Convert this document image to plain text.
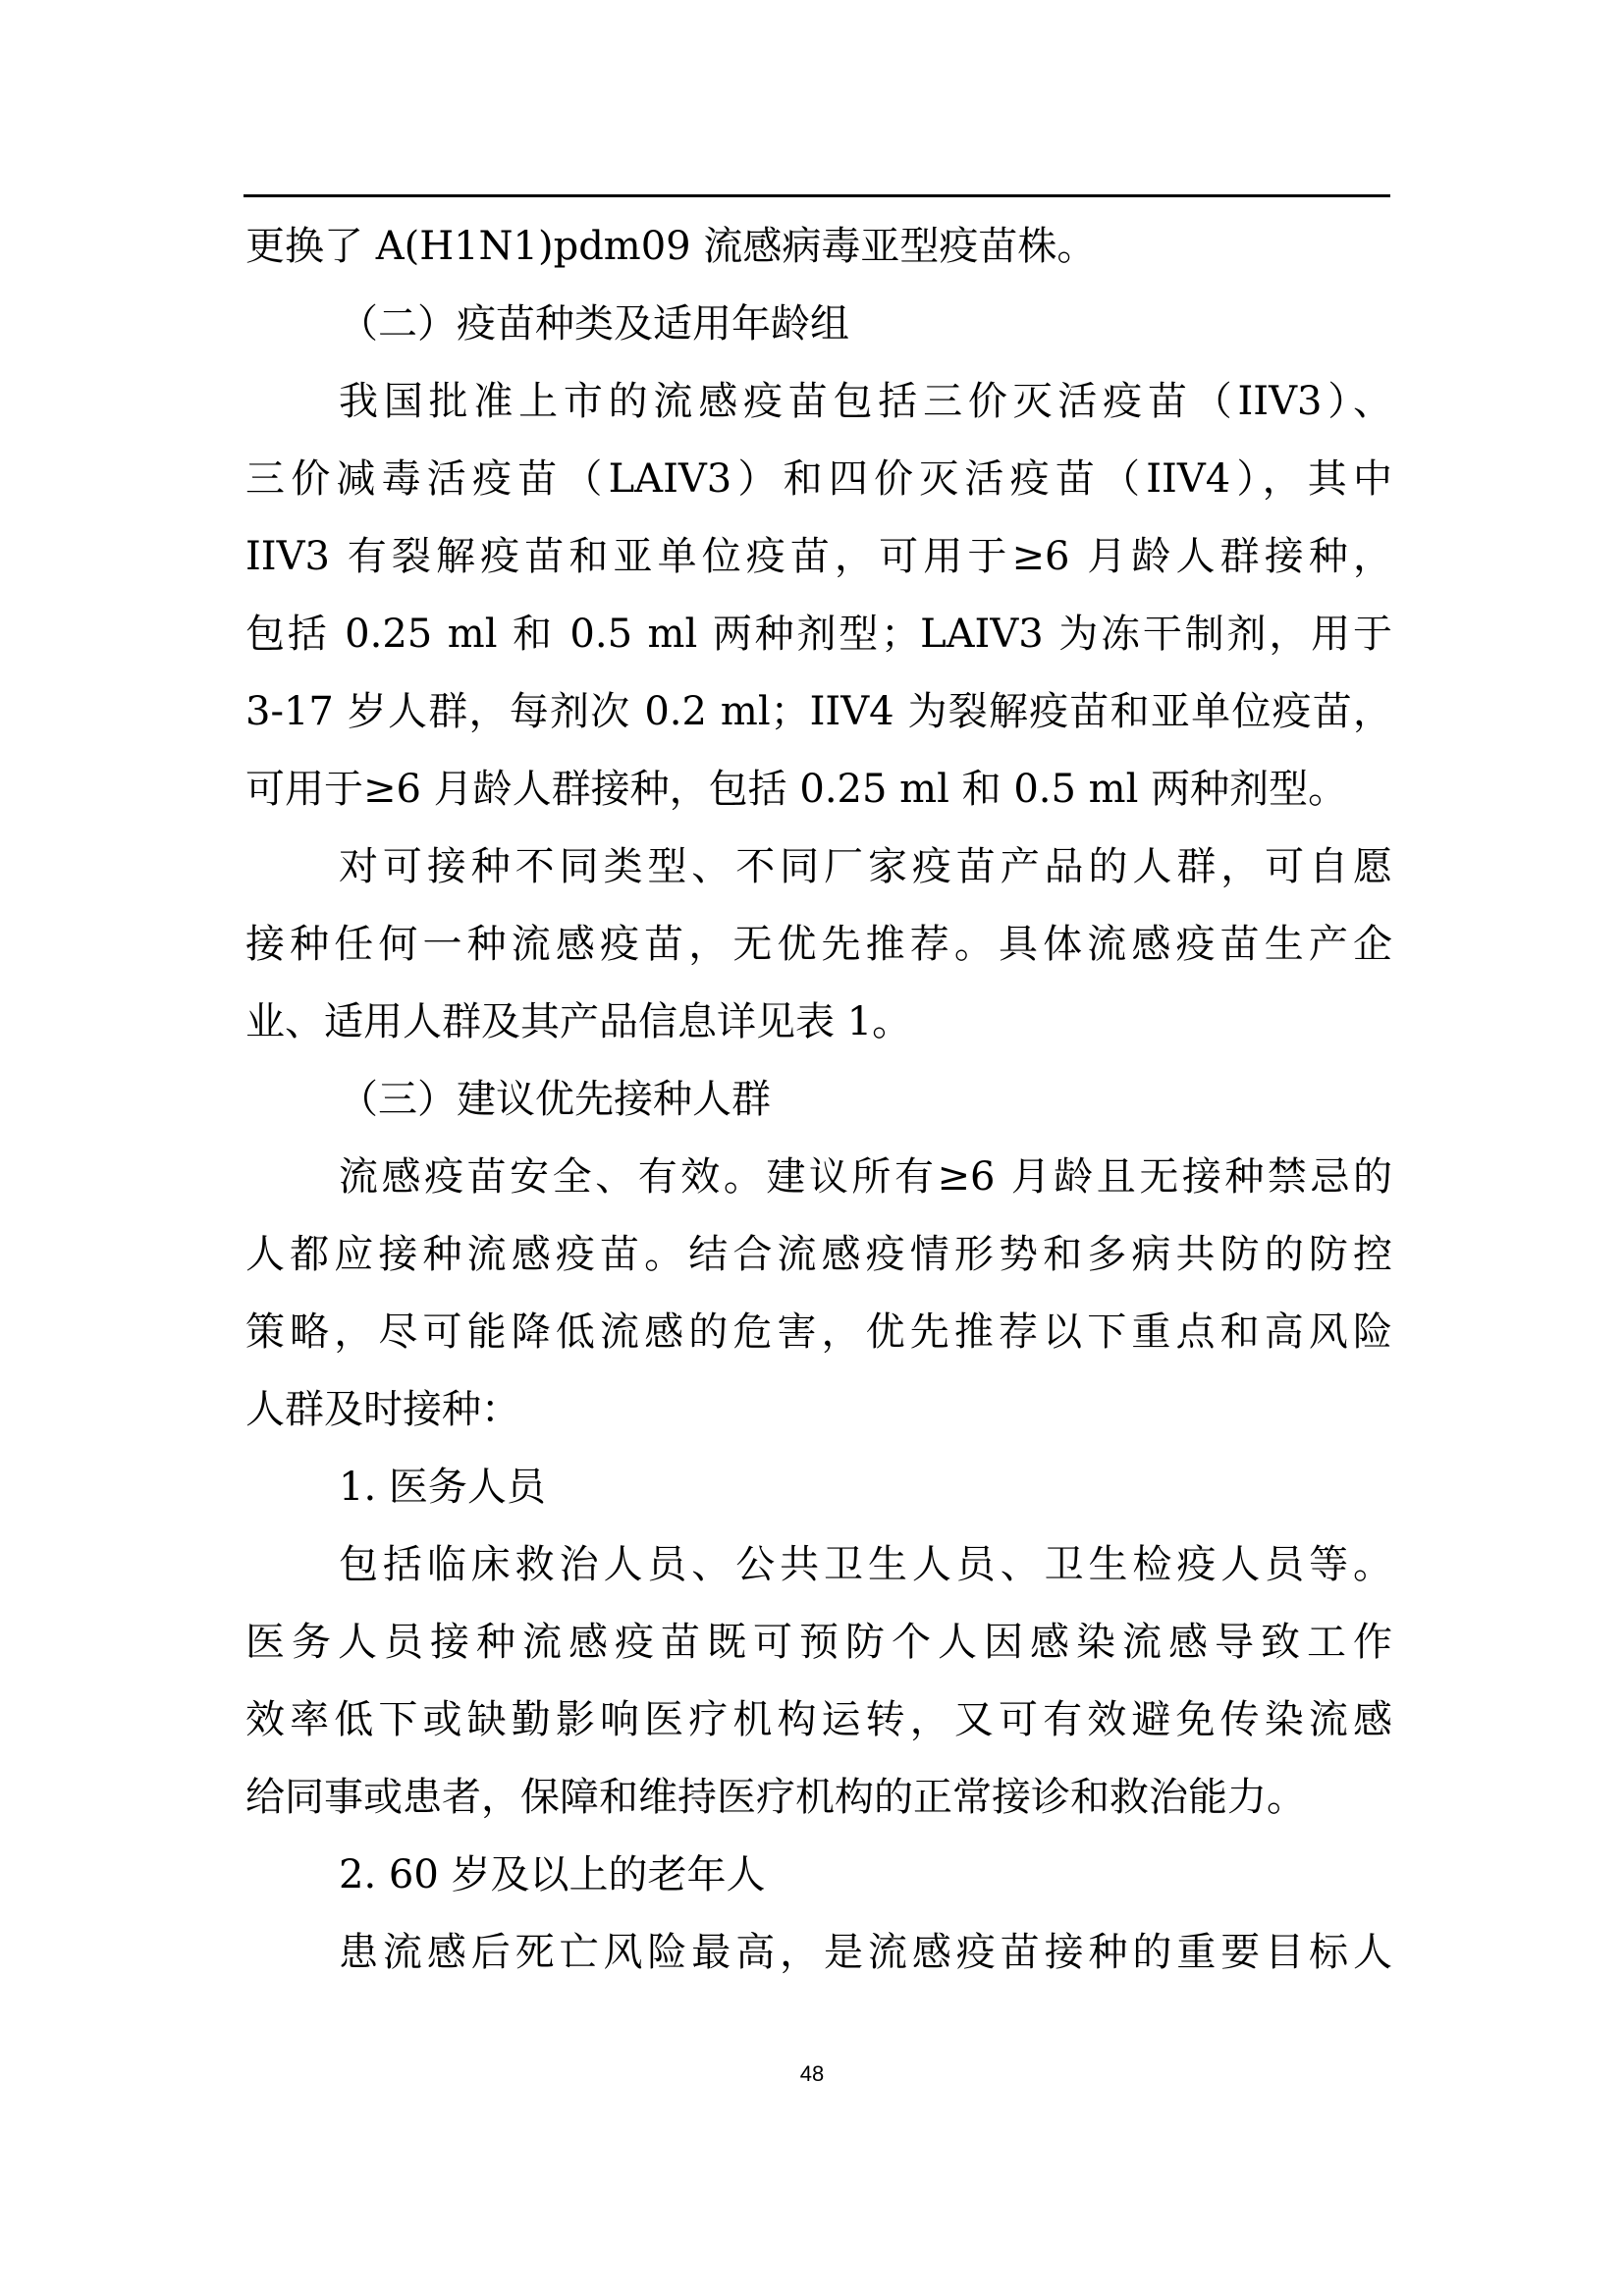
更换了 A(H1N1)pdm09 流感病毒亚型疫苗株。
（二）疫苗种类及适用年龄组
我国批准上市的流感疫苗包括三价灭活疫苗（IIV3）、
三价减毒活疫苗（LAIV3）和四价灭活疫苗（IIV4），其中
IIV3 有裂解疫苗和亚单位疫苗，可用于≥6 月龄人群接种，
包括 0.25 ml 和 0.5 ml 两种剂型；LAIV3 为冻干制剂，用于
3-17 岁人群，每剂次 0.2 ml；IIV4 为裂解疫苗和亚单位疫苗，
可用于≥6 月龄人群接种，包括 0.25 ml 和 0.5 ml 两种剂型。
对可接种不同类型、不同厂家疫苗产品的人群，可自愿
接种任何一种流感疫苗，无优先推荐。具体流感疫苗生产企
业、适用人群及其产品信息详见表 1。
（三）建议优先接种人群
流感疫苗安全、有效。建议所有≥6 月龄且无接种禁忌的
人都应接种流感疫苗。结合流感疫情形势和多病共防的防控
策略，尽可能降低流感的危害，优先推荐以下重点和高风险
人群及时接种：
1. 医务人员
包括临床救治人员、公共卫生人员、卫生检疫人员等。
医务人员接种流感疫苗既可预防个人因感染流感导致工作
效率低下或缺勤影响医疗机构运转，又可有效避免传染流感
给同事或患者，保障和维持医疗机构的正常接诊和救治能力。
2. 60 岁及以上的老年人
患流感后死亡风险最高，是流感疫苗接种的重要目标人
48
